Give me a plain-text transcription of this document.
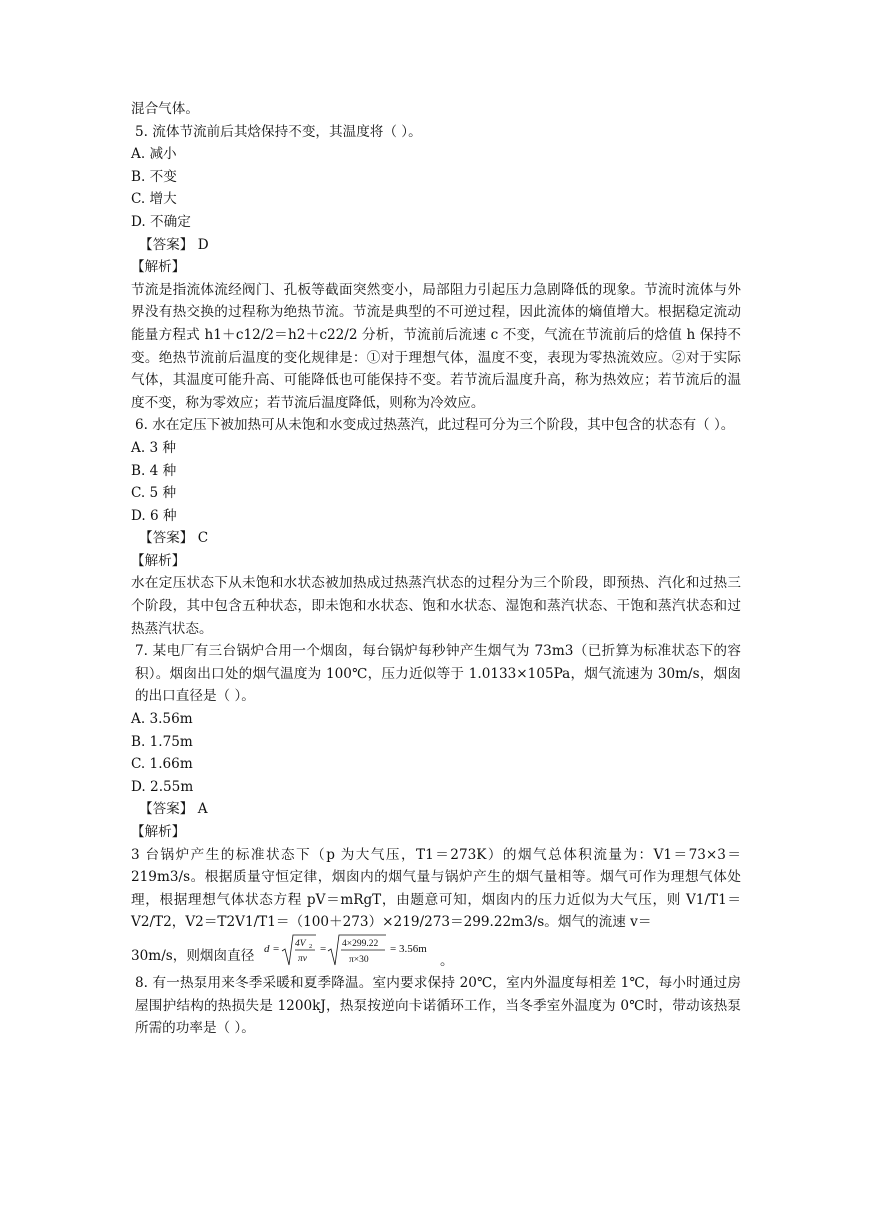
混合气体。
5. 流体节流前后其焓保持不变，其温度将（ ）。
A. 减小
B. 不变
C. 增大
D. 不确定
【答案】 D
【解析】
节流是指流体流经阀门、孔板等截面突然变小，局部阻力引起压力急剧降低的现象。节流时流体与外界没有热交换的过程称为绝热节流。节流是典型的不可逆过程，因此流体的熵值增大。根据稳定流动能量方程式 h1＋c12/2＝h2＋c22/2 分析，节流前后流速 c 不变，气流在节流前后的焓值 h 保持不变。绝热节流前后温度的变化规律是：①对于理想气体，温度不变，表现为零热流效应。②对于实际气体，其温度可能升高、可能降低也可能保持不变。若节流后温度升高，称为热效应；若节流后的温度不变，称为零效应；若节流后温度降低，则称为冷效应。
6. 水在定压下被加热可从未饱和水变成过热蒸汽，此过程可分为三个阶段，其中包含的状态有（ ）。
A. 3 种
B. 4 种
C. 5 种
D. 6 种
【答案】 C
【解析】
水在定压状态下从未饱和水状态被加热成过热蒸汽状态的过程分为三个阶段，即预热、汽化和过热三个阶段，其中包含五种状态，即未饱和水状态、饱和水状态、湿饱和蒸汽状态、干饱和蒸汽状态和过热蒸汽状态。
7. 某电厂有三台锅炉合用一个烟囱，每台锅炉每秒钟产生烟气为 73m3（已折算为标准状态下的容积）。烟囱出口处的烟气温度为 100℃，压力近似等于 1.0133×105Pa，烟气流速为 30m/s，烟囱的出口直径是（ ）。
A. 3.56m
B. 1.75m
C. 1.66m
D. 2.55m
【答案】 A
【解析】
3 台锅炉产生的标准状态下（p 为大气压，T1＝273K）的烟气总体积流量为：V1＝73×3＝219m3/s。根据质量守恒定律，烟囱内的烟气量与锅炉产生的烟气量相等。烟气可作为理想气体处理，根据理想气体状态方程 pV＝mRgT，由题意可知，烟囱内的压力近似为大气压，则 V1/T1＝V2/T2，V2＝T2V1/T1＝（100＋273）×219/273＝299.22m3/s。烟气的流速 v＝
30m/s，则烟囱直径 d = 4V 2
πv
= 4×299.22
π×30
= 3.56m
。
8. 有一热泵用来冬季采暖和夏季降温。室内要求保持 20℃，室内外温度每相差 1℃，每小时通过房屋围护结构的热损失是 1200kJ，热泵按逆向卡诺循环工作，当冬季室外温度为 0℃时，带动该热泵所需的功率是（ ）。
